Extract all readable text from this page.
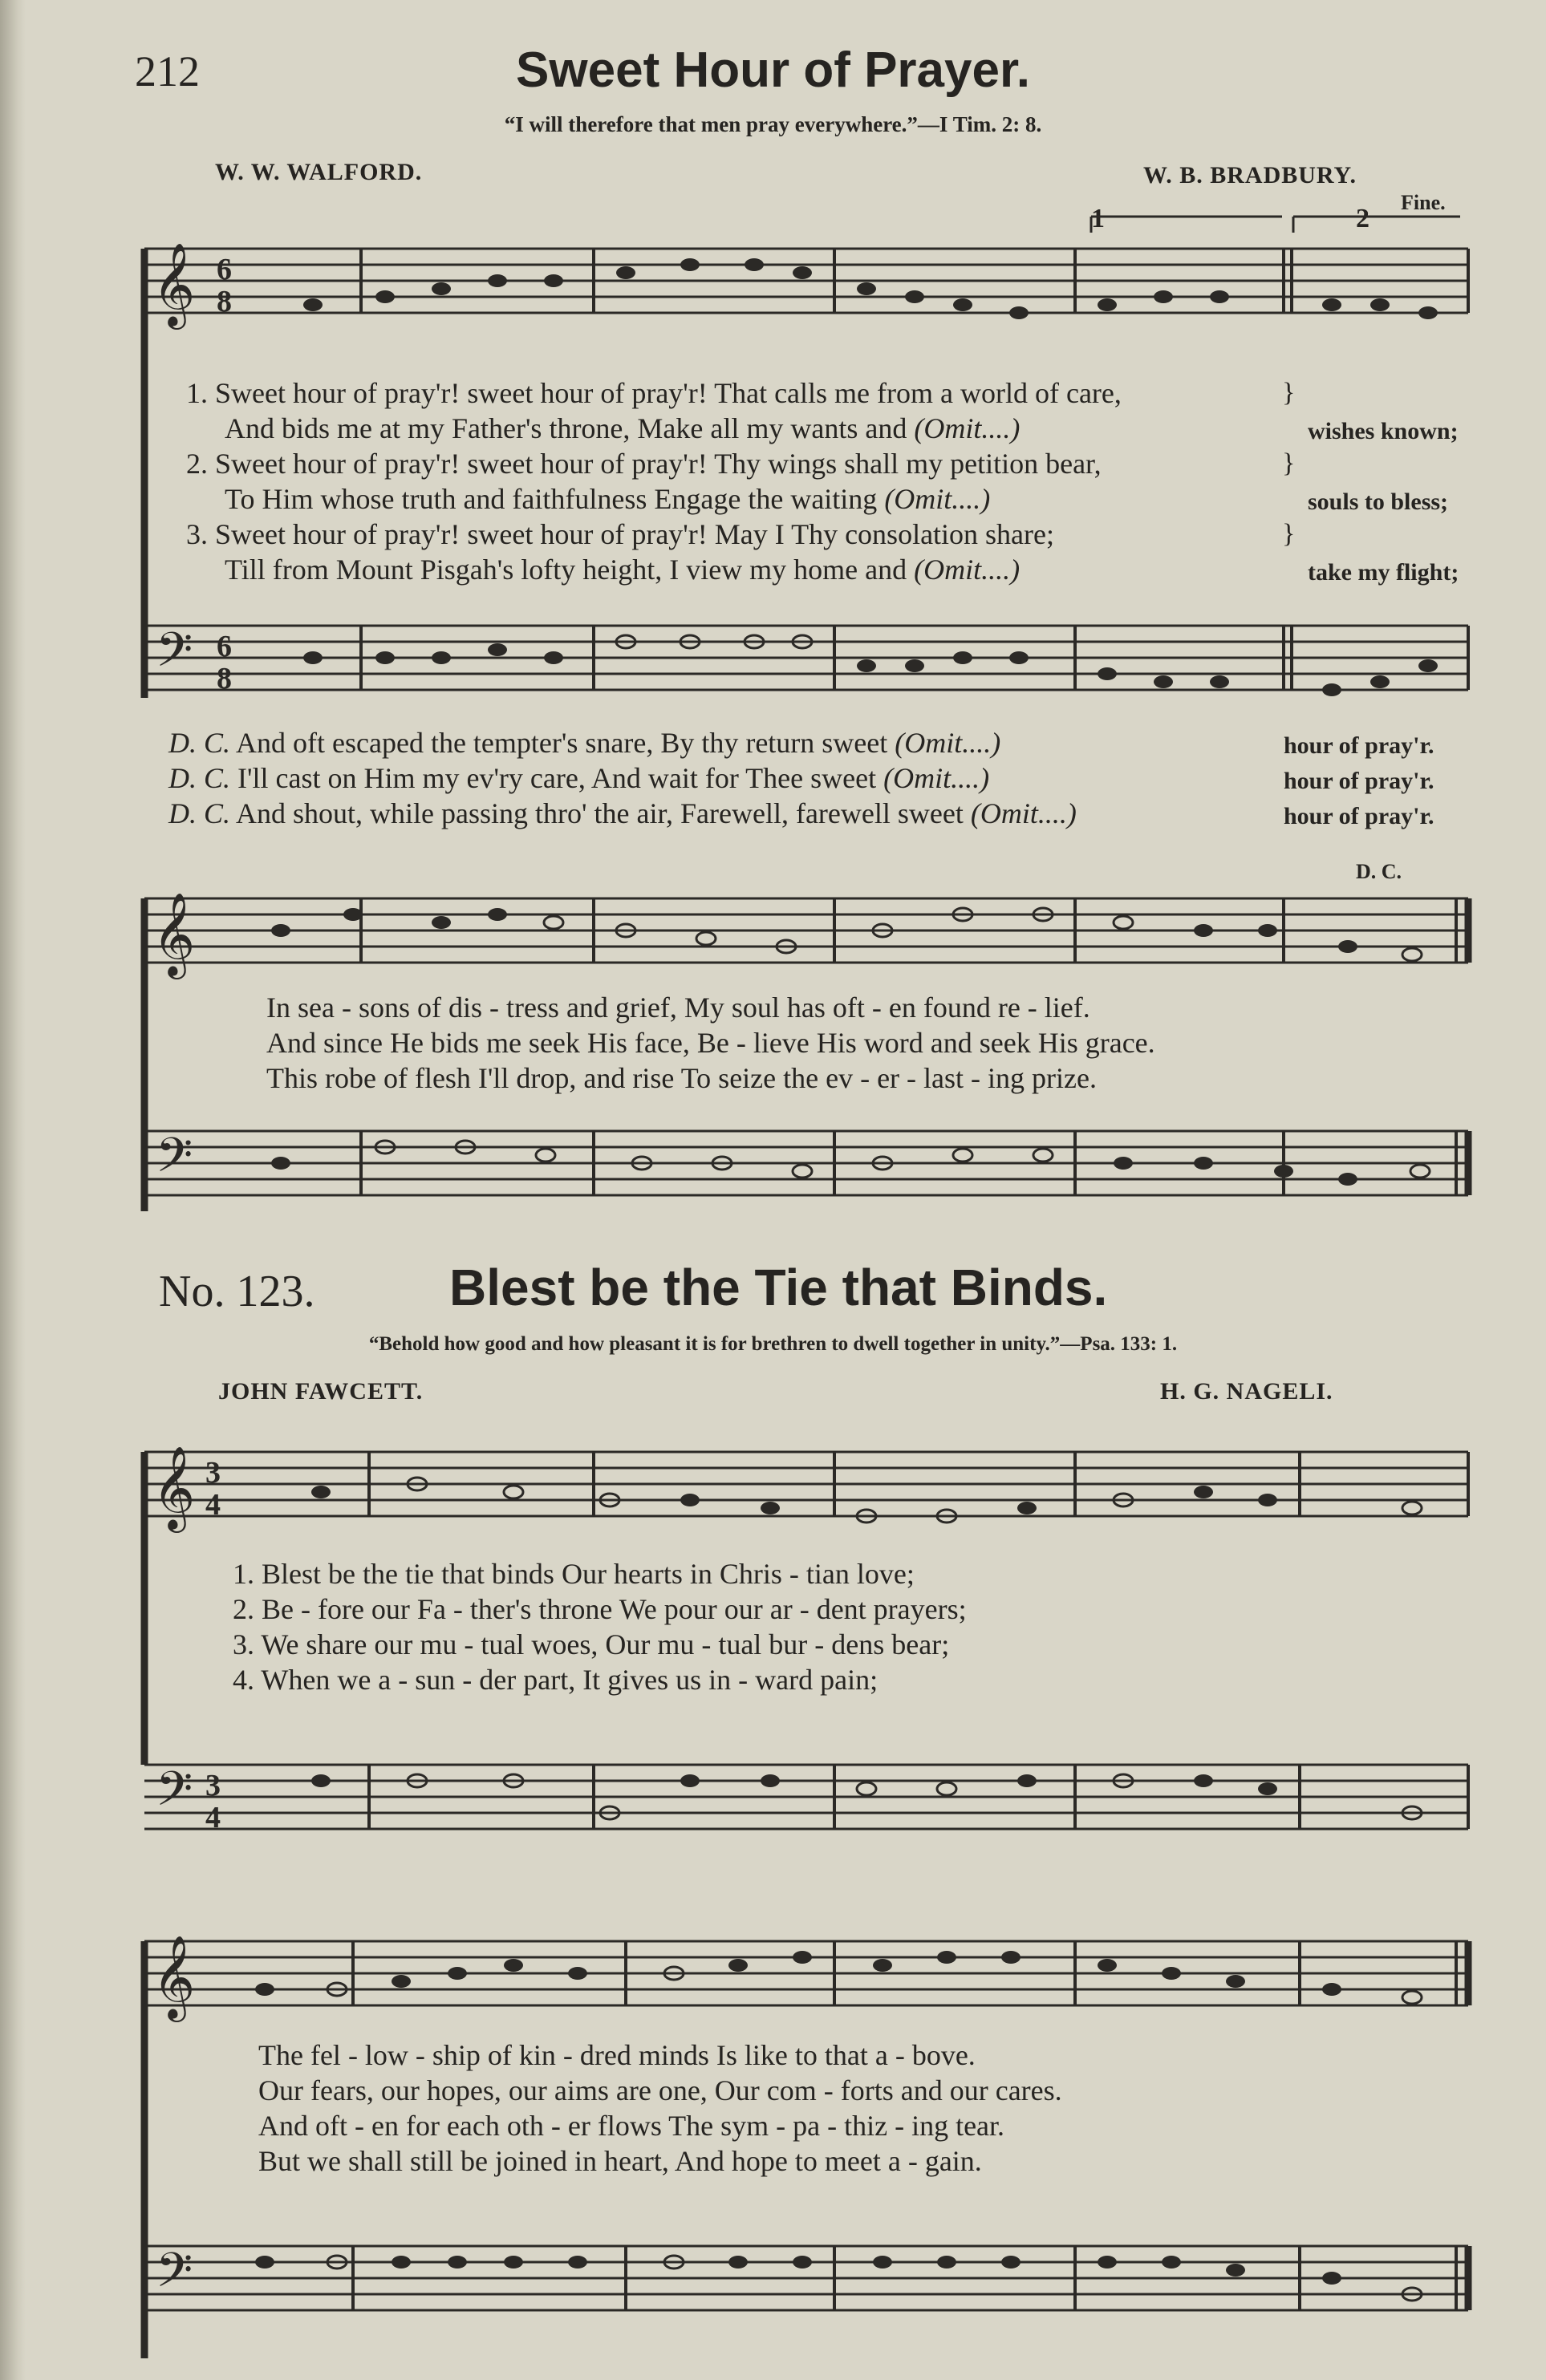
212	Sweet Hour of Prayer.
“I will therefore that men pray everywhere.”—I Tim. 2: 8.
W. W. WALFORD.	W. B. BRADBURY.
1	2
Fine.
𝄞 6
8
1. Sweet hour of pray'r! sweet hour of pray'r! That calls me from a world of care,
And bids me at my Father's throne, Make all my wants and (Omit....)	wishes known;
2. Sweet hour of pray'r! sweet hour of pray'r! Thy wings shall my petition bear,
To Him whose truth and faithfulness Engage the waiting (Omit....)	souls to bless;
3. Sweet hour of pray'r! sweet hour of pray'r! May I Thy consolation share;
Till from Mount Pisgah's lofty height, I view my home and (Omit....)	take my flight;
}
}
}
𝄢 6
8
D. C. And oft escaped the tempter's snare, By thy return sweet (Omit....)	hour of pray'r.
D. C. I'll cast on Him my ev'ry care, And wait for Thee sweet (Omit....)	hour of pray'r.
D. C. And shout, while passing thro' the air, Farewell, farewell sweet (Omit....)	hour of pray'r.
D. C.
𝄞
In sea - sons of dis - tress and grief, My soul has oft - en found re - lief.
And since He bids me seek His face, Be - lieve His word and seek His grace.
This robe of flesh I'll drop, and rise To seize the ev - er - last - ing prize.
𝄢
No. 123.	Blest be the Tie that Binds.
“Behold how good and how pleasant it is for brethren to dwell together in unity.”—Psa. 133: 1.
JOHN FAWCETT.	H. G. NAGELI.
𝄞 3
4
1. Blest be the tie that binds Our hearts in Chris - tian love;
2. Be - fore our Fa - ther's throne We pour our ar - dent prayers;
3. We share our mu - tual woes, Our mu - tual bur - dens bear;
4. When we a - sun - der part, It gives us in - ward pain;
𝄢 3
4
𝄞
The fel - low - ship of kin - dred minds Is like to that a - bove.
Our fears, our hopes, our aims are one, Our com - forts and our cares.
And oft - en for each oth - er flows The sym - pa - thiz - ing tear.
But we shall still be joined in heart, And hope to meet a - gain.
𝄢
